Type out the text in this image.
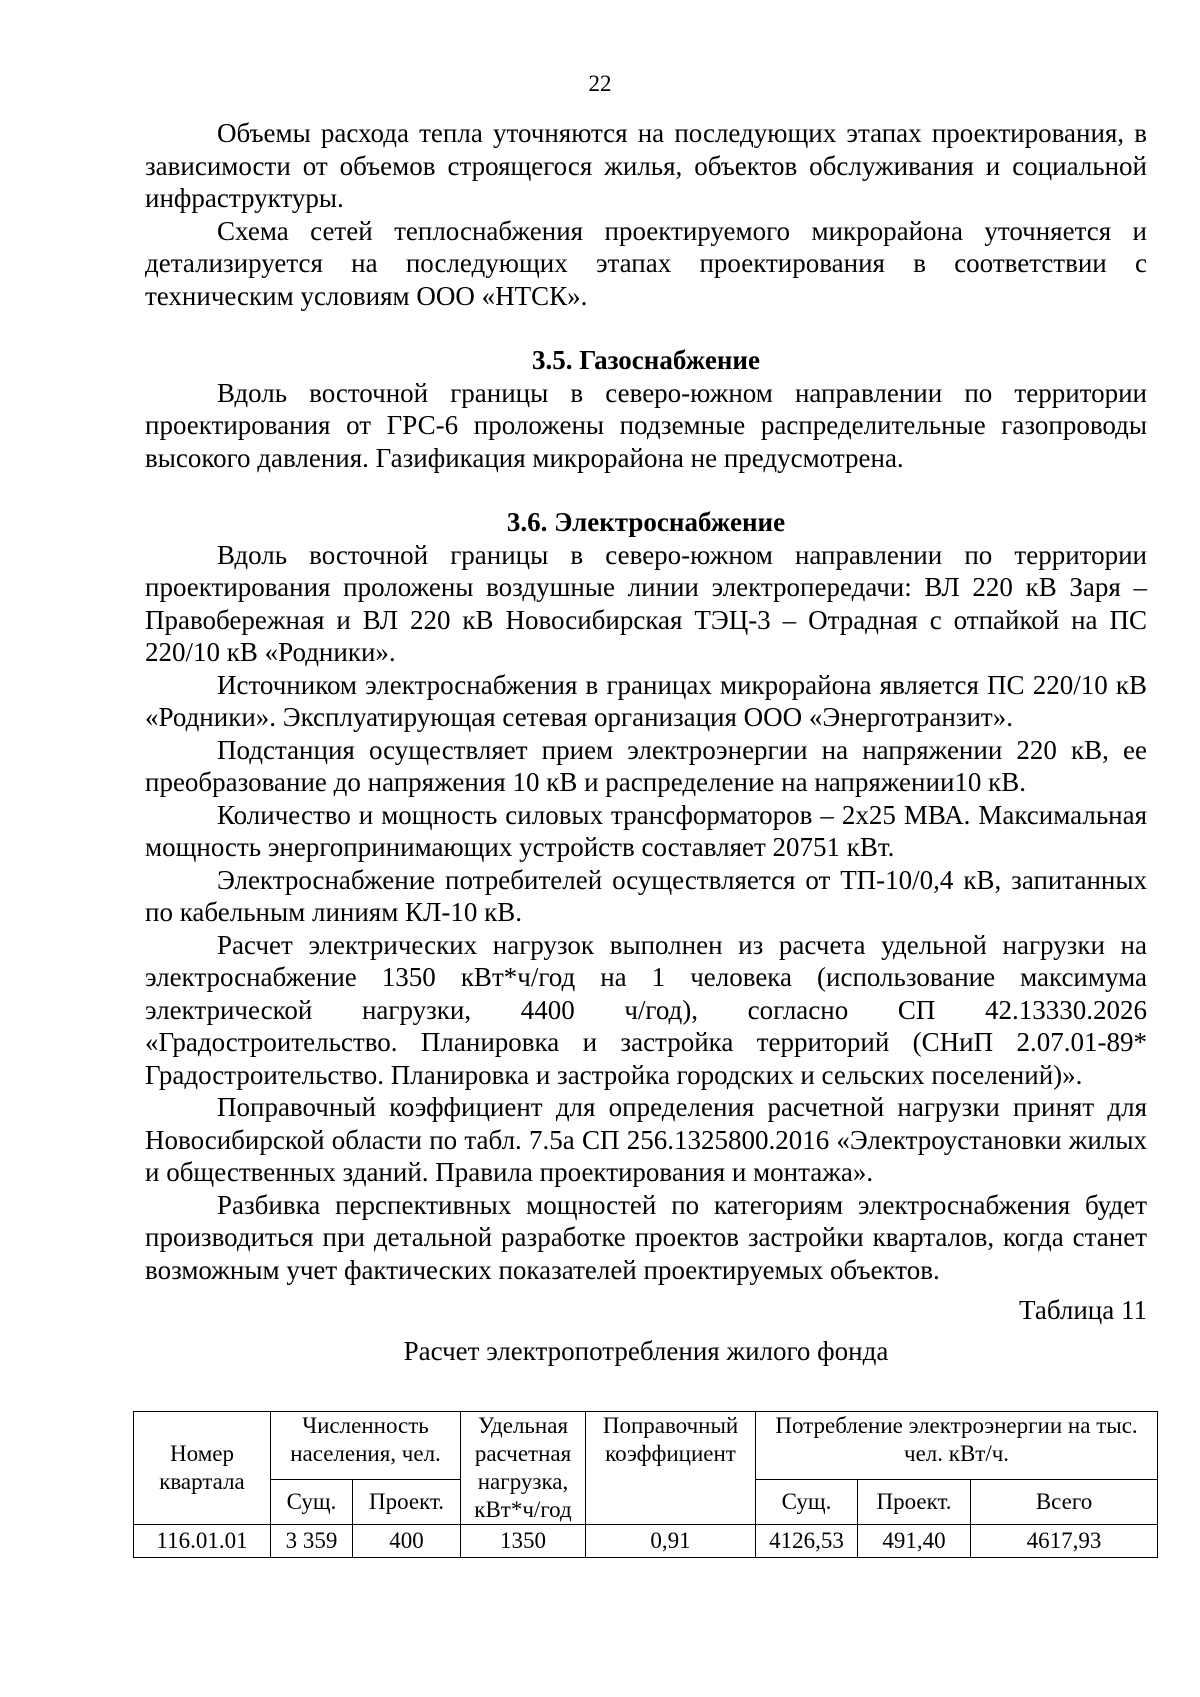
22

Объемы расхода тепла уточняются на последующих этапах проектирования, в зависимости от объемов строящегося жилья, объектов обслуживания и социальной инфраструктуры.

Схема сетей теплоснабжения проектируемого микрорайона уточняется и детализируется на последующих этапах проектирования в соответствии с техническим условиям ООО «НТСК».

3.5. Газоснабжение

Вдоль восточной границы в северо-южном направлении по территории проектирования от ГРС-6 проложены подземные распределительные газопроводы высокого давления. Газификация микрорайона не предусмотрена.

3.6. Электроснабжение

Вдоль восточной границы в северо-южном направлении по территории проектирования проложены воздушные линии электропередачи: ВЛ 220 кВ Заря – Правобережная и ВЛ 220 кВ Новосибирская ТЭЦ-3 – Отрадная с отпайкой на ПС 220/10 кВ «Родники».

Источником электроснабжения в границах микрорайона является ПС 220/10 кВ «Родники». Эксплуатирующая сетевая организация ООО «Энерготранзит».

Подстанция осуществляет прием электроэнергии на напряжении 220 кВ, ее преобразование до напряжения 10 кВ и распределение на напряжении10 кВ.

Количество и мощность силовых трансформаторов – 2х25 МВА. Максимальная мощность энергопринимающих устройств составляет 20751 кВт.

Электроснабжение потребителей осуществляется от ТП-10/0,4 кВ, запитанных по кабельным линиям КЛ-10 кВ.

Расчет электрических нагрузок выполнен из расчета удельной нагрузки на электроснабжение 1350 кВт*ч/год на 1 человека (использование максимума электрической нагрузки, 4400 ч/год), согласно СП 42.13330.2026 «Градостроительство. Планировка и застройка территорий (СНиП 2.07.01-89* Градостроительство. Планировка и застройка городских и сельских поселений)».

Поправочный коэффициент для определения расчетной нагрузки принят для Новосибирской области по табл. 7.5а СП 256.1325800.2016 «Электроустановки жилых и общественных зданий. Правила проектирования и монтажа».

Разбивка перспективных мощностей по категориям электроснабжения будет производиться при детальной разработке проектов застройки кварталов, когда станет возможным учет фактических показателей проектируемых объектов.

Таблица 11

Расчет электропотребления жилого фонда

Номер квартала	Численность населения, чел.		Удельная расчетная нагрузка, кВт*ч/год	Поправочный коэффициент	Потребление электроэнергии на тыс. чел. кВт/ч.		
	Сущ.	Проект.			Сущ.	Проект.	Всего
116.01.01	3 359	400	1350	0,91	4126,53	491,40	4617,93
